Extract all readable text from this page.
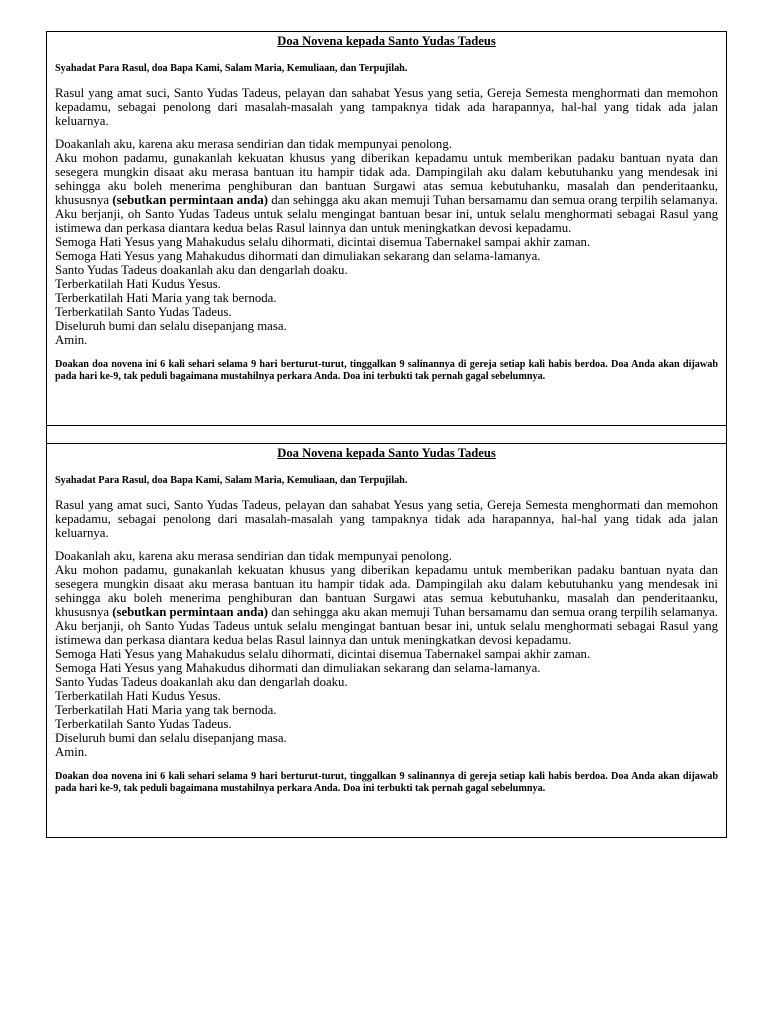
Doa Novena kepada Santo Yudas Tadeus

Syahadat Para Rasul, doa Bapa Kami, Salam Maria, Kemuliaan, dan Terpujilah.

Rasul yang amat suci, Santo Yudas Tadeus, pelayan dan sahabat Yesus yang setia, Gereja Semesta menghormati dan memohon kepadamu, sebagai penolong dari masalah-masalah yang tampaknya tidak ada harapannya, hal-hal yang tidak ada jalan keluarnya.

Doakanlah aku, karena aku merasa sendirian dan tidak mempunyai penolong.

Aku mohon padamu, gunakanlah kekuatan khusus yang diberikan kepadamu untuk memberikan padaku bantuan nyata dan sesegera mungkin disaat aku merasa bantuan itu hampir tidak ada. Dampingilah aku dalam kebutuhanku yang mendesak ini sehingga aku boleh menerima penghiburan dan bantuan Surgawi atas semua kebutuhanku, masalah dan penderitaanku, khususnya (sebutkan permintaan anda) dan sehingga aku akan memuji Tuhan bersamamu dan semua orang terpilih selamanya. Aku berjanji, oh Santo Yudas Tadeus untuk selalu mengingat bantuan besar ini, untuk selalu menghormati sebagai Rasul yang istimewa dan perkasa diantara kedua belas Rasul lainnya dan untuk meningkatkan devosi kepadamu.

Semoga Hati Yesus yang Mahakudus selalu dihormati, dicintai disemua Tabernakel sampai akhir zaman.

Semoga Hati Yesus yang Mahakudus dihormati dan dimuliakan sekarang dan selama-lamanya.

Santo Yudas Tadeus doakanlah aku dan dengarlah doaku.

Terberkatilah Hati Kudus Yesus.

Terberkatilah Hati Maria yang tak bernoda.

Terberkatilah Santo Yudas Tadeus.

Diseluruh bumi dan selalu disepanjang masa.

Amin.

Doakan doa novena ini 6 kali sehari selama 9 hari berturut-turut, tinggalkan 9 salinannya di gereja setiap kali habis berdoa. Doa Anda akan dijawab pada hari ke-9, tak peduli bagaimana mustahilnya perkara Anda. Doa ini terbukti tak pernah gagal sebelumnya.

Doa Novena kepada Santo Yudas Tadeus

Syahadat Para Rasul, doa Bapa Kami, Salam Maria, Kemuliaan, dan Terpujilah.

Rasul yang amat suci, Santo Yudas Tadeus, pelayan dan sahabat Yesus yang setia, Gereja Semesta menghormati dan memohon kepadamu, sebagai penolong dari masalah-masalah yang tampaknya tidak ada harapannya, hal-hal yang tidak ada jalan keluarnya.

Doakanlah aku, karena aku merasa sendirian dan tidak mempunyai penolong.

Aku mohon padamu, gunakanlah kekuatan khusus yang diberikan kepadamu untuk memberikan padaku bantuan nyata dan sesegera mungkin disaat aku merasa bantuan itu hampir tidak ada. Dampingilah aku dalam kebutuhanku yang mendesak ini sehingga aku boleh menerima penghiburan dan bantuan Surgawi atas semua kebutuhanku, masalah dan penderitaanku, khususnya (sebutkan permintaan anda) dan sehingga aku akan memuji Tuhan bersamamu dan semua orang terpilih selamanya. Aku berjanji, oh Santo Yudas Tadeus untuk selalu mengingat bantuan besar ini, untuk selalu menghormati sebagai Rasul yang istimewa dan perkasa diantara kedua belas Rasul lainnya dan untuk meningkatkan devosi kepadamu.

Semoga Hati Yesus yang Mahakudus selalu dihormati, dicintai disemua Tabernakel sampai akhir zaman.

Semoga Hati Yesus yang Mahakudus dihormati dan dimuliakan sekarang dan selama-lamanya.

Santo Yudas Tadeus doakanlah aku dan dengarlah doaku.

Terberkatilah Hati Kudus Yesus.

Terberkatilah Hati Maria yang tak bernoda.

Terberkatilah Santo Yudas Tadeus.

Diseluruh bumi dan selalu disepanjang masa.

Amin.

Doakan doa novena ini 6 kali sehari selama 9 hari berturut-turut, tinggalkan 9 salinannya di gereja setiap kali habis berdoa. Doa Anda akan dijawab pada hari ke-9, tak peduli bagaimana mustahilnya perkara Anda. Doa ini terbukti tak pernah gagal sebelumnya.
